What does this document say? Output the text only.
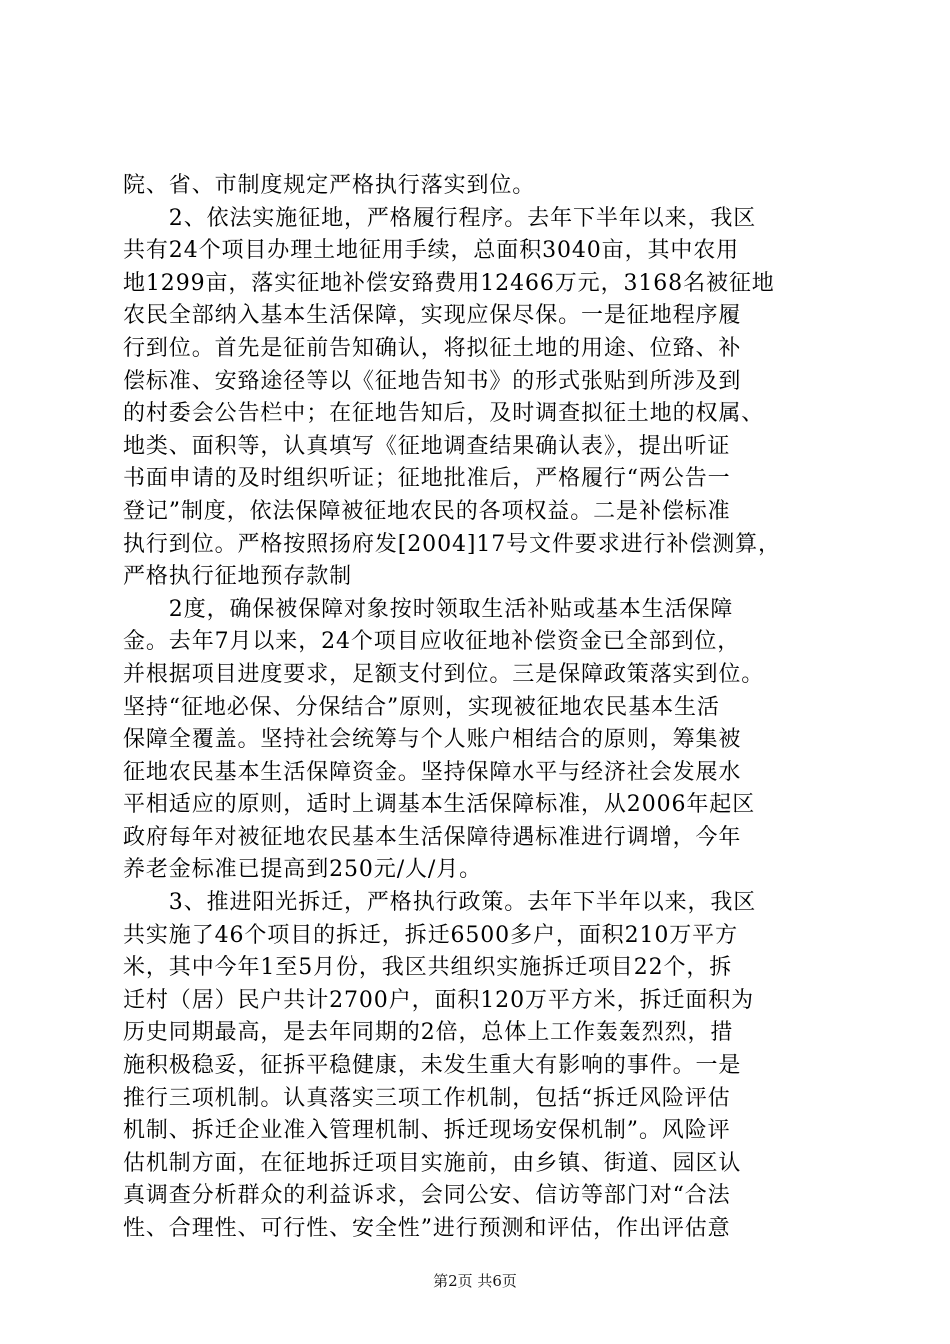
院、省、市制度规定严格执行落实到位。
　　2、依法实施征地，严格履行程序。去年下半年以来，我区
共有24个项目办理土地征用手续，总面积3040亩，其中农用
地1299亩，落实征地补偿安臵费用12466万元，3168名被征地
农民全部纳入基本生活保障，实现应保尽保。一是征地程序履
行到位。首先是征前告知确认，将拟征土地的用途、位臵、补
偿标准、安臵途径等以《征地告知书》的形式张贴到所涉及到
的村委会公告栏中；在征地告知后，及时调查拟征土地的权属、
地类、面积等，认真填写《征地调查结果确认表》，提出听证
书面申请的及时组织听证；征地批准后，严格履行“两公告一
登记”制度，依法保障被征地农民的各项权益。二是补偿标准
执行到位。严格按照扬府发[2004]17号文件要求进行补偿测算，
严格执行征地预存款制
　　2度，确保被保障对象按时领取生活补贴或基本生活保障
金。去年7月以来，24个项目应收征地补偿资金已全部到位，
并根据项目进度要求，足额支付到位。三是保障政策落实到位。
坚持“征地必保、分保结合”原则，实现被征地农民基本生活
保障全覆盖。坚持社会统筹与个人账户相结合的原则，筹集被
征地农民基本生活保障资金。坚持保障水平与经济社会发展水
平相适应的原则，适时上调基本生活保障标准，从2006年起区
政府每年对被征地农民基本生活保障待遇标准进行调增，今年
养老金标准已提高到250元/人/月。
　　3、推进阳光拆迁，严格执行政策。去年下半年以来，我区
共实施了46个项目的拆迁，拆迁6500多户，面积210万平方
米，其中今年1至5月份，我区共组织实施拆迁项目22个，拆
迁村（居）民户共计2700户，面积120万平方米，拆迁面积为
历史同期最高，是去年同期的2倍，总体上工作轰轰烈烈，措
施积极稳妥，征拆平稳健康，未发生重大有影响的事件。一是
推行三项机制。认真落实三项工作机制，包括“拆迁风险评估
机制、拆迁企业准入管理机制、拆迁现场安保机制”。风险评
估机制方面，在征地拆迁项目实施前，由乡镇、街道、园区认
真调查分析群众的利益诉求，会同公安、信访等部门对“合法
性、合理性、可行性、安全性”进行预测和评估，作出评估意
第2页 共6页
